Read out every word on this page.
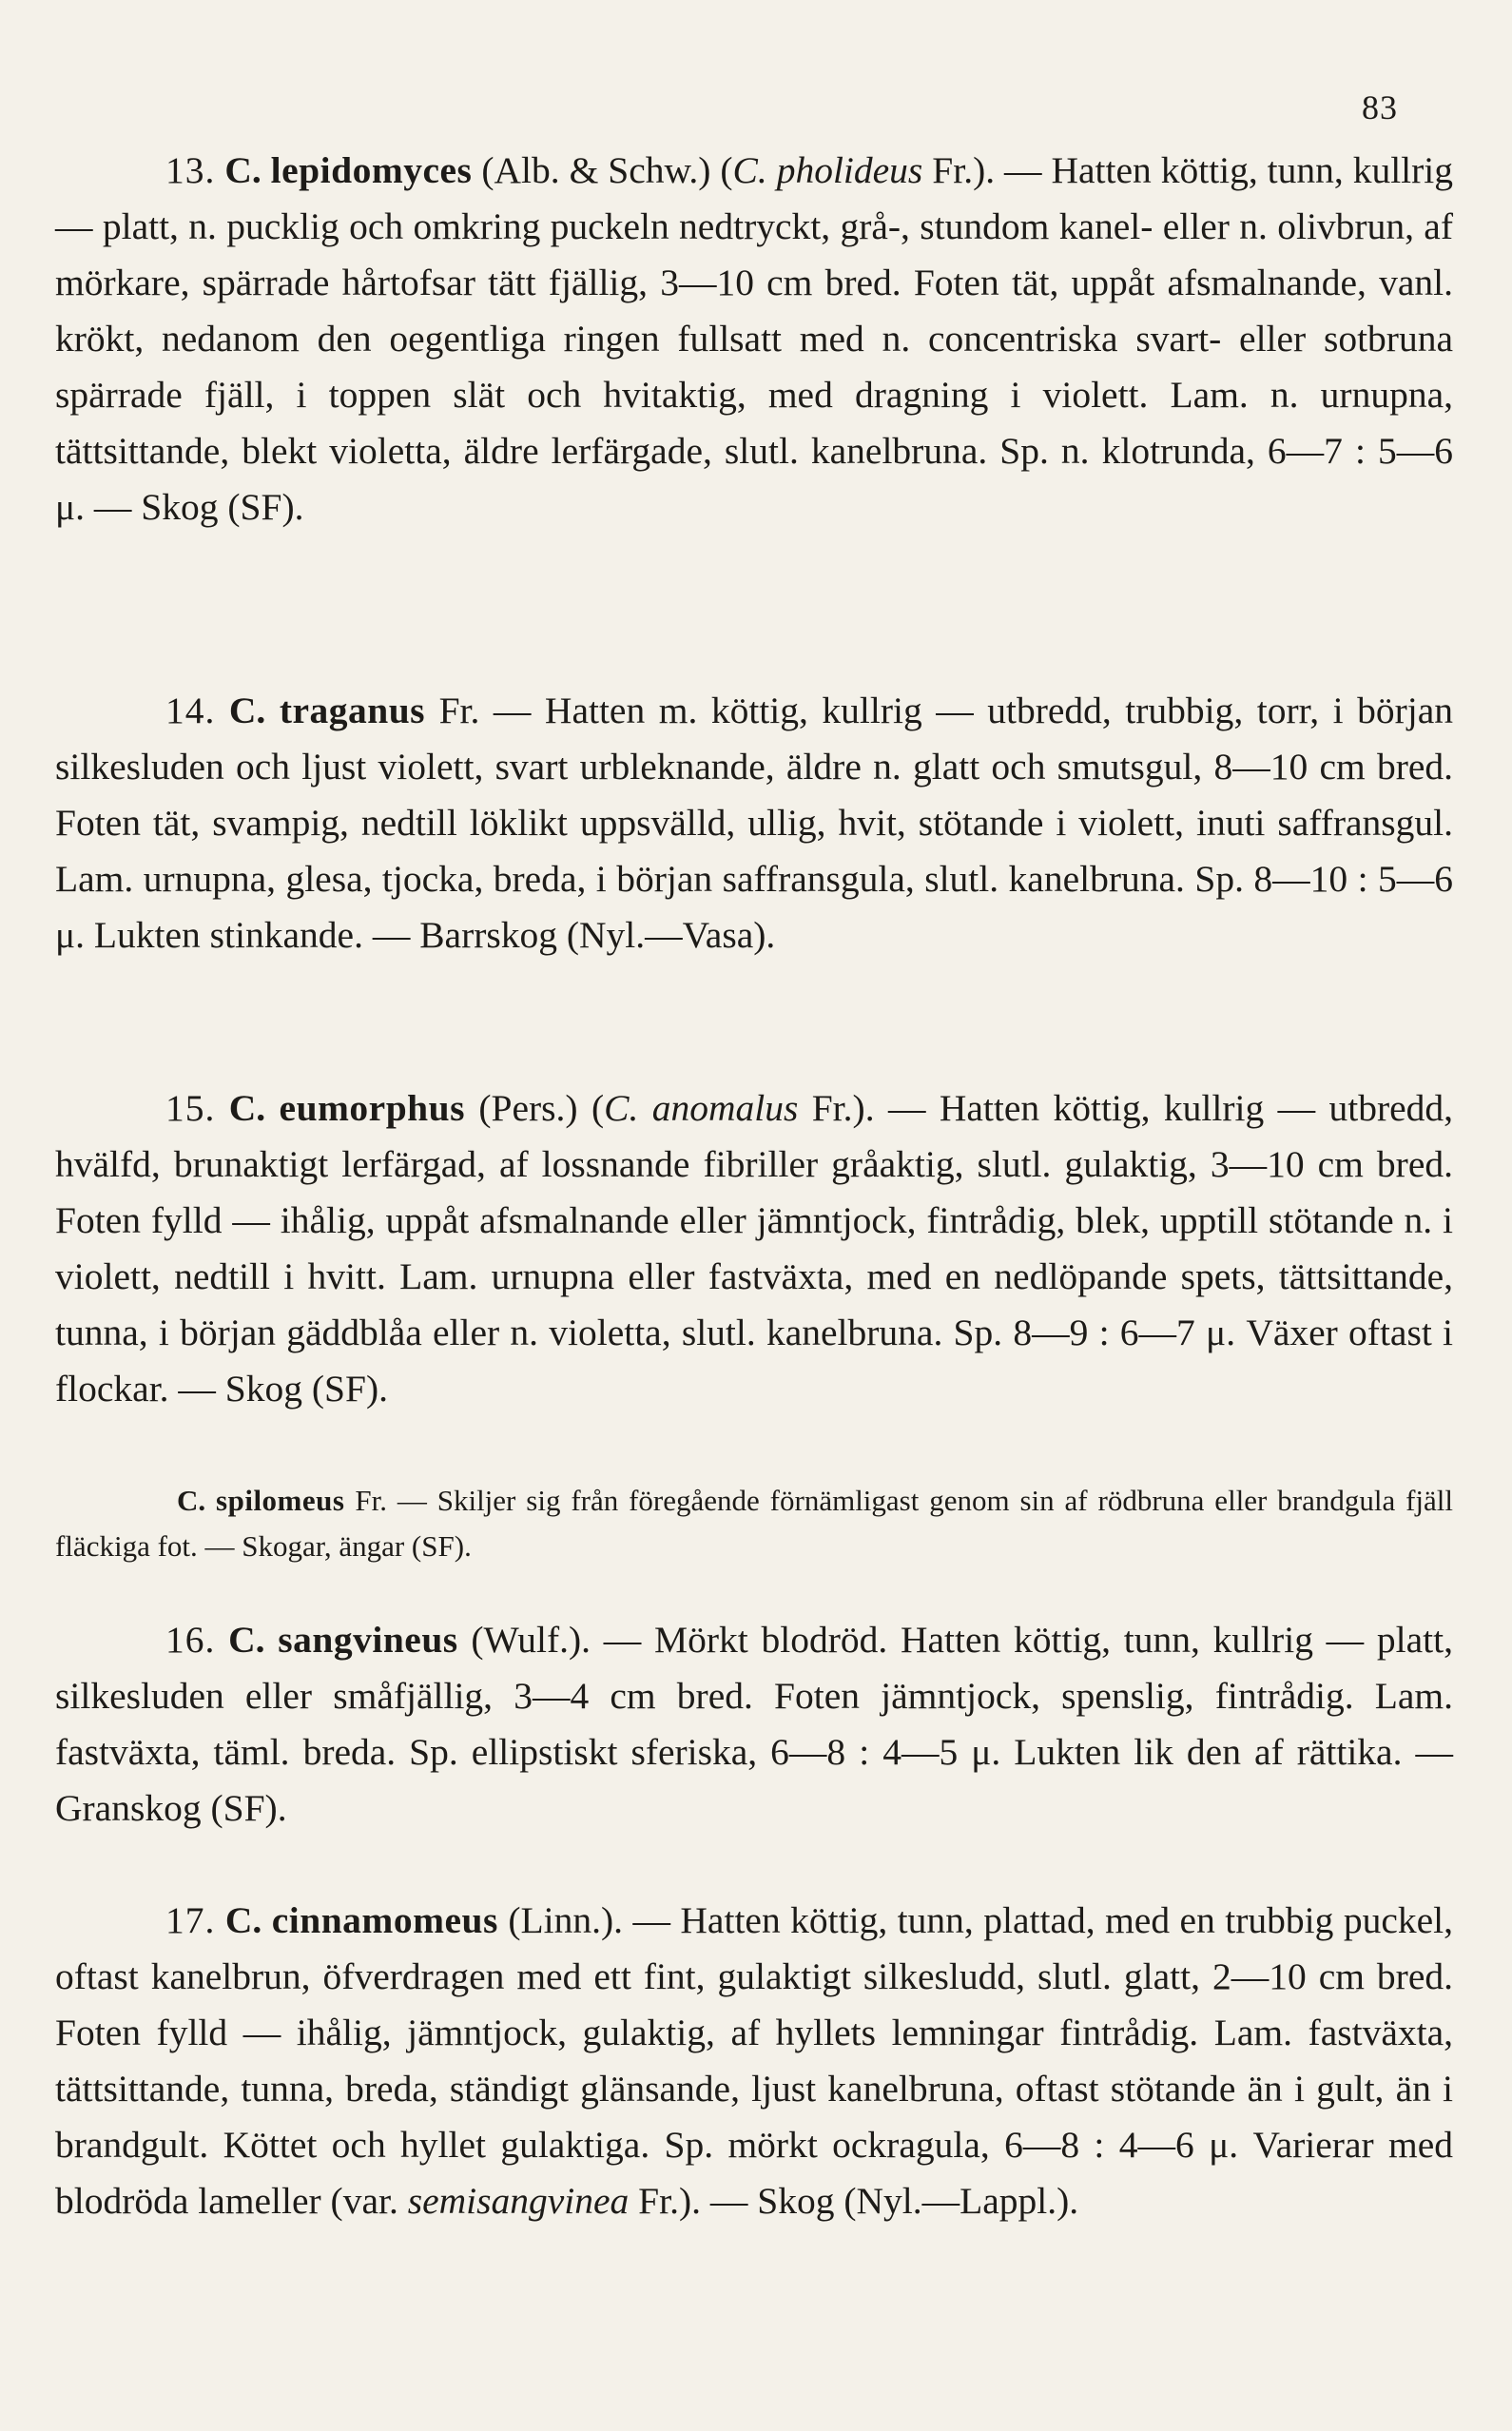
83

13. C. lepidomyces (Alb. & Schw.) (C. pholideus Fr.). — Hatten köttig, tunn, kullrig — platt, n. pucklig och omkring puckeln nedtryckt, grå-, stundom kanel- eller n. olivbrun, af mörkare, spärrade hårtofsar tätt fjällig, 3—10 cm bred. Foten tät, uppåt afsmalnande, vanl. krökt, nedanom den oegentliga ringen fullsatt med n. concentriska svart- eller sotbruna spärrade fjäll, i toppen slät och hvitaktig, med dragning i violett. Lam. n. urnupna, tättsittande, blekt violetta, äldre lerfärgade, slutl. kanelbruna. Sp. n. klotrunda, 6—7 : 5—6 μ. — Skog (SF).

14. C. traganus Fr. — Hatten m. köttig, kullrig — utbredd, trubbig, torr, i början silkesluden och ljust violett, svart urbleknande, äldre n. glatt och smutsgul, 8—10 cm bred. Foten tät, svampig, nedtill löklikt uppsvälld, ullig, hvit, stötande i violett, inuti saffransgul. Lam. urnupna, glesa, tjocka, breda, i början saffransgula, slutl. kanelbruna. Sp. 8—10 : 5—6 μ. Lukten stinkande. — Barrskog (Nyl.—Vasa).

15. C. eumorphus (Pers.) (C. anomalus Fr.). — Hatten köttig, kullrig — utbredd, hvälfd, brunaktigt lerfärgad, af lossnande fibriller gråaktig, slutl. gulaktig, 3—10 cm bred. Foten fylld — ihålig, uppåt afsmalnande eller jämntjock, fintrådig, blek, upptill stötande n. i violett, nedtill i hvitt. Lam. urnupna eller fastväxta, med en nedlöpande spets, tättsittande, tunna, i början gäddblåa eller n. violetta, slutl. kanelbruna. Sp. 8—9 : 6—7 μ. Växer oftast i flockar. — Skog (SF).

C. spilomeus Fr. — Skiljer sig från föregående förnämligast genom sin af rödbruna eller brandgula fjäll fläckiga fot. — Skogar, ängar (SF).

16. C. sangvineus (Wulf.). — Mörkt blodröd. Hatten köttig, tunn, kullrig — platt, silkesluden eller småfjällig, 3—4 cm bred. Foten jämntjock, spenslig, fintrådig. Lam. fastväxta, täml. breda. Sp. ellipstiskt sferiska, 6—8 : 4—5 μ. Lukten lik den af rättika. — Granskog (SF).

17. C. cinnamomeus (Linn.). — Hatten köttig, tunn, plattad, med en trubbig puckel, oftast kanelbrun, öfverdragen med ett fint, gulaktigt silkesludd, slutl. glatt, 2—10 cm bred. Foten fylld — ihålig, jämntjock, gulaktig, af hyllets lemningar fintrådig. Lam. fastväxta, tättsittande, tunna, breda, ständigt glänsande, ljust kanelbruna, oftast stötande än i gult, än i brandgult. Köttet och hyllet gulaktiga. Sp. mörkt ockragula, 6—8 : 4—6 μ. Varierar med blodröda lameller (var. semisangvinea Fr.). — Skog (Nyl.—Lappl.).
